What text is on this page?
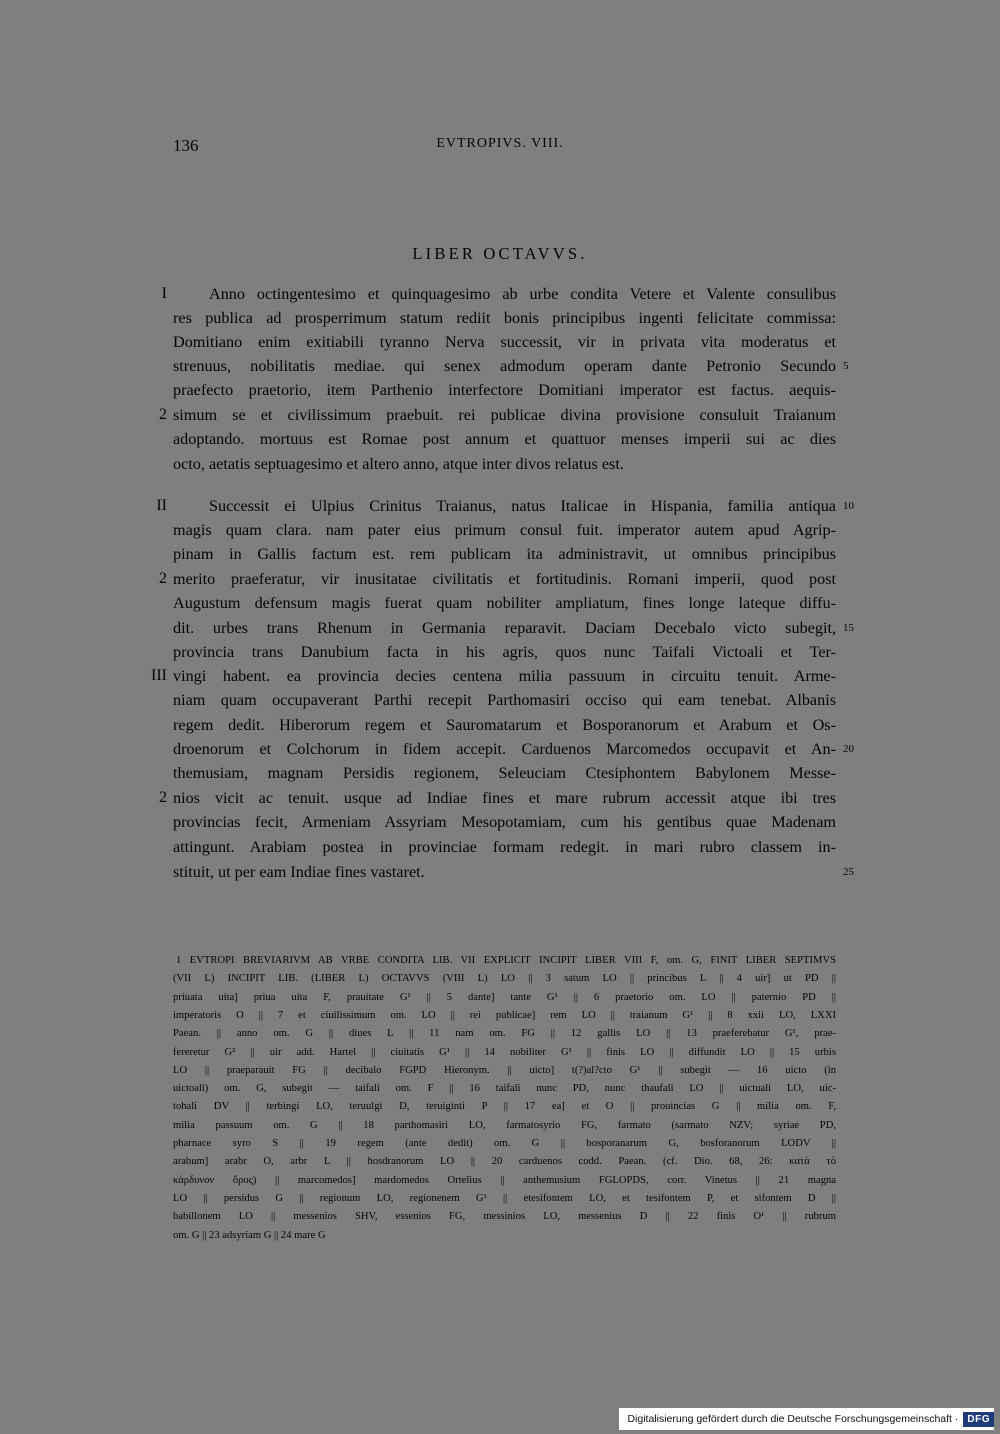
136	EVTROPIVS. VIII.
LIBER OCTAVVS.
I	Anno octingentesimo et quinquagesimo ab urbe condita Vetere et Valente consulibus
res publica ad prosperrimum statum rediit bonis principibus ingenti felicitate commissa:
Domitiano enim exitiabili tyranno Nerva successit, vir in privata vita moderatus et
strenuus, nobilitatis mediae. qui senex admodum operam dante Petronio Secundo 5
praefecto praetorio, item Parthenio interfectore Domitiani imperator est factus. aequis-
2 simum se et civilissimum praebuit. rei publicae divina provisione consuluit Traianum
adoptando. mortuus est Romae post annum et quattuor menses imperii sui ac dies
octo, aetatis septuagesimo et altero anno, atque inter divos relatus est.
II	Successit ei Ulpius Crinitus Traianus, natus Italicae in Hispania, familia antiqua 10
magis quam clara. nam pater eius primum consul fuit. imperator autem apud Agrip-
pinam in Gallis factum est. rem publicam ita administravit, ut omnibus principibus
2 merito praeferatur, vir inusitatae civilitatis et fortitudinis. Romani imperii, quod post
Augustum defensum magis fuerat quam nobiliter ampliatum, fines longe lateque diffu-
dit. urbes trans Rhenum in Germania reparavit. Daciam Decebalo victo subegit, 15
provincia trans Danubium facta in his agris, quos nunc Taifali Victoali et Ter-
III vingi habent. ea provincia decies centena milia passuum in circuitu tenuit. Arme-
niam quam occupaverant Parthi recepit Parthomasiri occiso qui eam tenebat. Albanis
regem dedit. Hiberorum regem et Sauromatarum et Bosporanorum et Arabum et Os-
droenorum et Colchorum in fidem accepit. Carduenos Marcomedos occupavit et An- 20
themusiam, magnam Persidis regionem, Seleuciam Ctesiphontem Babylonem Messe-
2 nios vicit ac tenuit. usque ad Indiae fines et mare rubrum accessit atque ibi tres
provincias fecit, Armeniam Assyriam Mesopotamiam, cum his gentibus quae Madenam
attingunt. Arabiam postea in provinciae formam redegit. in mari rubro classem in-
stituit, ut per eam Indiae fines vastaret.	25
1 EVTROPI BREVIARIVM AB VRBE CONDITA LIB. VII EXPLICIT INCIPIT LIBER VIII F, om. G, FINIT LIBER SEPTIMVS
(VII L) INCIPIT LIB. (LIBER L) OCTAVVS (VIII L) LO || 3 satum LO || princibus L || 4 uir] ut PD ||
priuata uita] priua uita F, prauitate G¹ || 5 dante] tante G¹ || 6 praetorio om. LO || paternio PD ||
imperatoris O || 7 et ciuilissimum om. LO || rei publicae] rem LO || traianum G¹ || 8 xxii LO, LXXI
Paean. || anno om. G || diues L || 11 nam om. FG || 12 gallis LO || 13 praeferebatur G¹, prae-
fereretur G² || uir add. Hartel || ciuitatis G¹ || 14 nobiliter G¹ || finis LO || diffundit LO || 15 urbis
LO || praeparauit FG || decibalo FGPD Hieronym. || uicto] t(?)al?cto G¹ || subegit — 16 uicto (in
uictoali) om. G, subegit — taifali om. F || 16 taifali nunc PD, nunc thaufali LO || uictuali LO, uic-
tohali DV || terbingi LO, teruulgi D, teruiginti P || 17 ea] et O || prouincias G || milia om. F,
milia passuum om. G || 18 parthomasiri LO, farmatosyrio FG, farmato (sarmato NZV; syriae PD,
pharnace syro S || 19 regem (ante dedit) om. G || bosporanarum G, bosforanorum LODV ||
arabum] arabr O, arbr L || hosdranorum LO || 20 carduenos codd. Paean. (cf. Dio. 68, 26: κατὰ τὸ
κάρδυνον ὄρος) || marcomedos] mardomedos Ortelius || anthemusium FGLOPDS, corr. Vinetus || 21 magna
LO || persidus G || regionum LO, regionenem G¹ || etesifontem LO, et tesifontem P, et sifontem D ||
babillonem LO || messenios SHV, essenios FG, messinios LO, messenius D || 22 finis O¹ || rubrum
om. G || 23 adsyriam G || 24 mare G
Digitalisierung gefördert durch die Deutsche Forschungsgemeinschaft · DFG
